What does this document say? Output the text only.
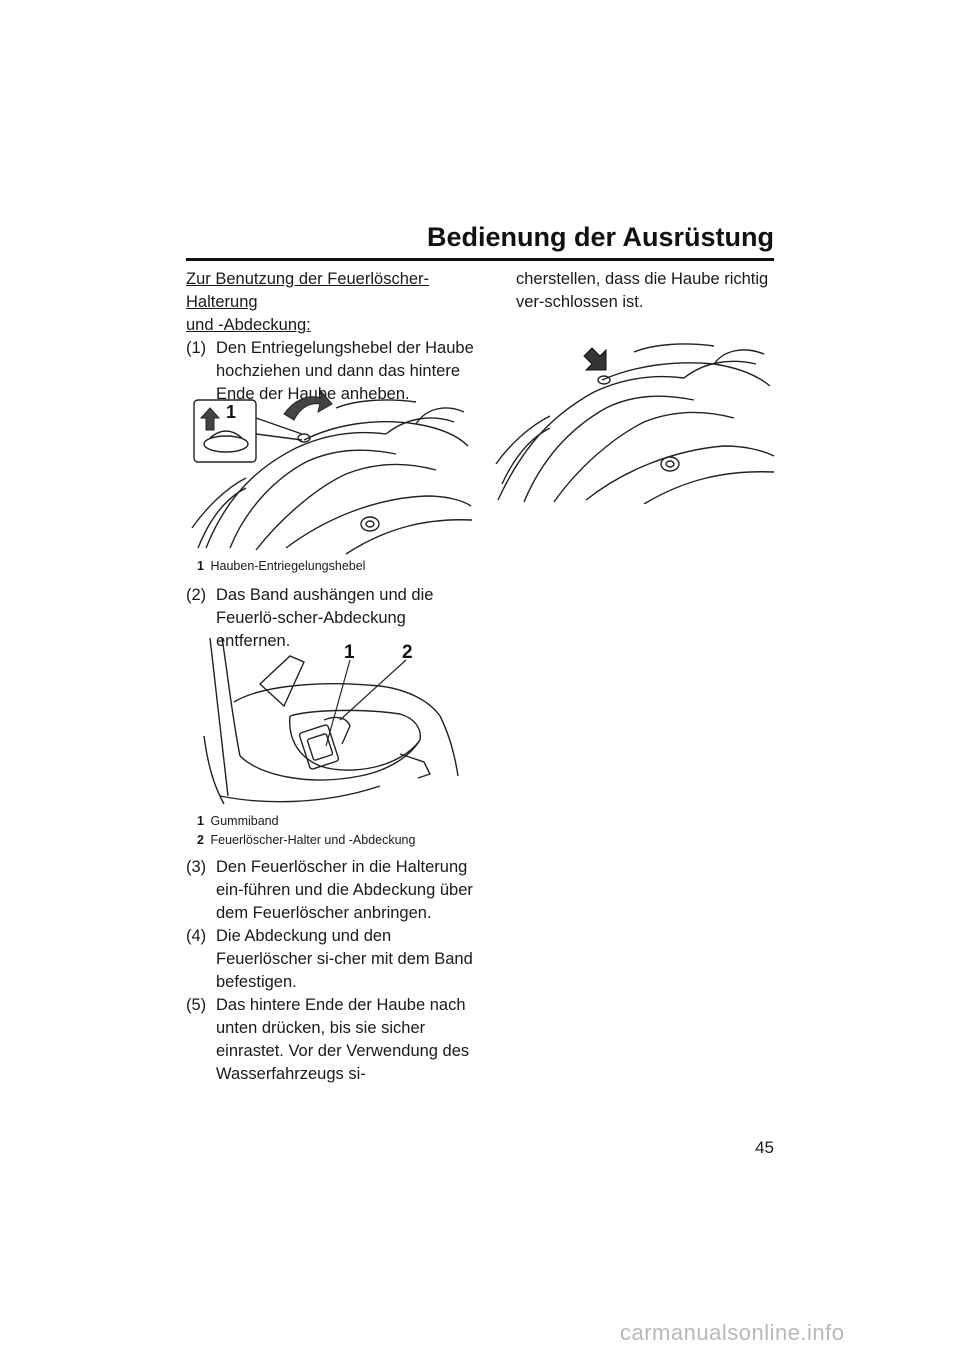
Bedienung der Ausrüstung
Zur Benutzung der Feuerlöscher-Halterung
und -Abdeckung:
(1) Den Entriegelungshebel der Haube hochziehen und dann das hintere Ende der Haube anheben.
1
1 Hauben-Entriegelungshebel
(2) Das Band aushängen und die Feuerlö-scher-Abdeckung entfernen.
1 2
1 Gummiband
2 Feuerlöscher-Halter und -Abdeckung
(3) Den Feuerlöscher in die Halterung ein-führen und die Abdeckung über dem Feuerlöscher anbringen.
(4) Die Abdeckung und den Feuerlöscher si-cher mit dem Band befestigen.
(5) Das hintere Ende der Haube nach unten drücken, bis sie sicher einrastet. Vor der Verwendung des Wasserfahrzeugs si-
cherstellen, dass die Haube richtig ver-schlossen ist.
45
carmanualsonline.info
